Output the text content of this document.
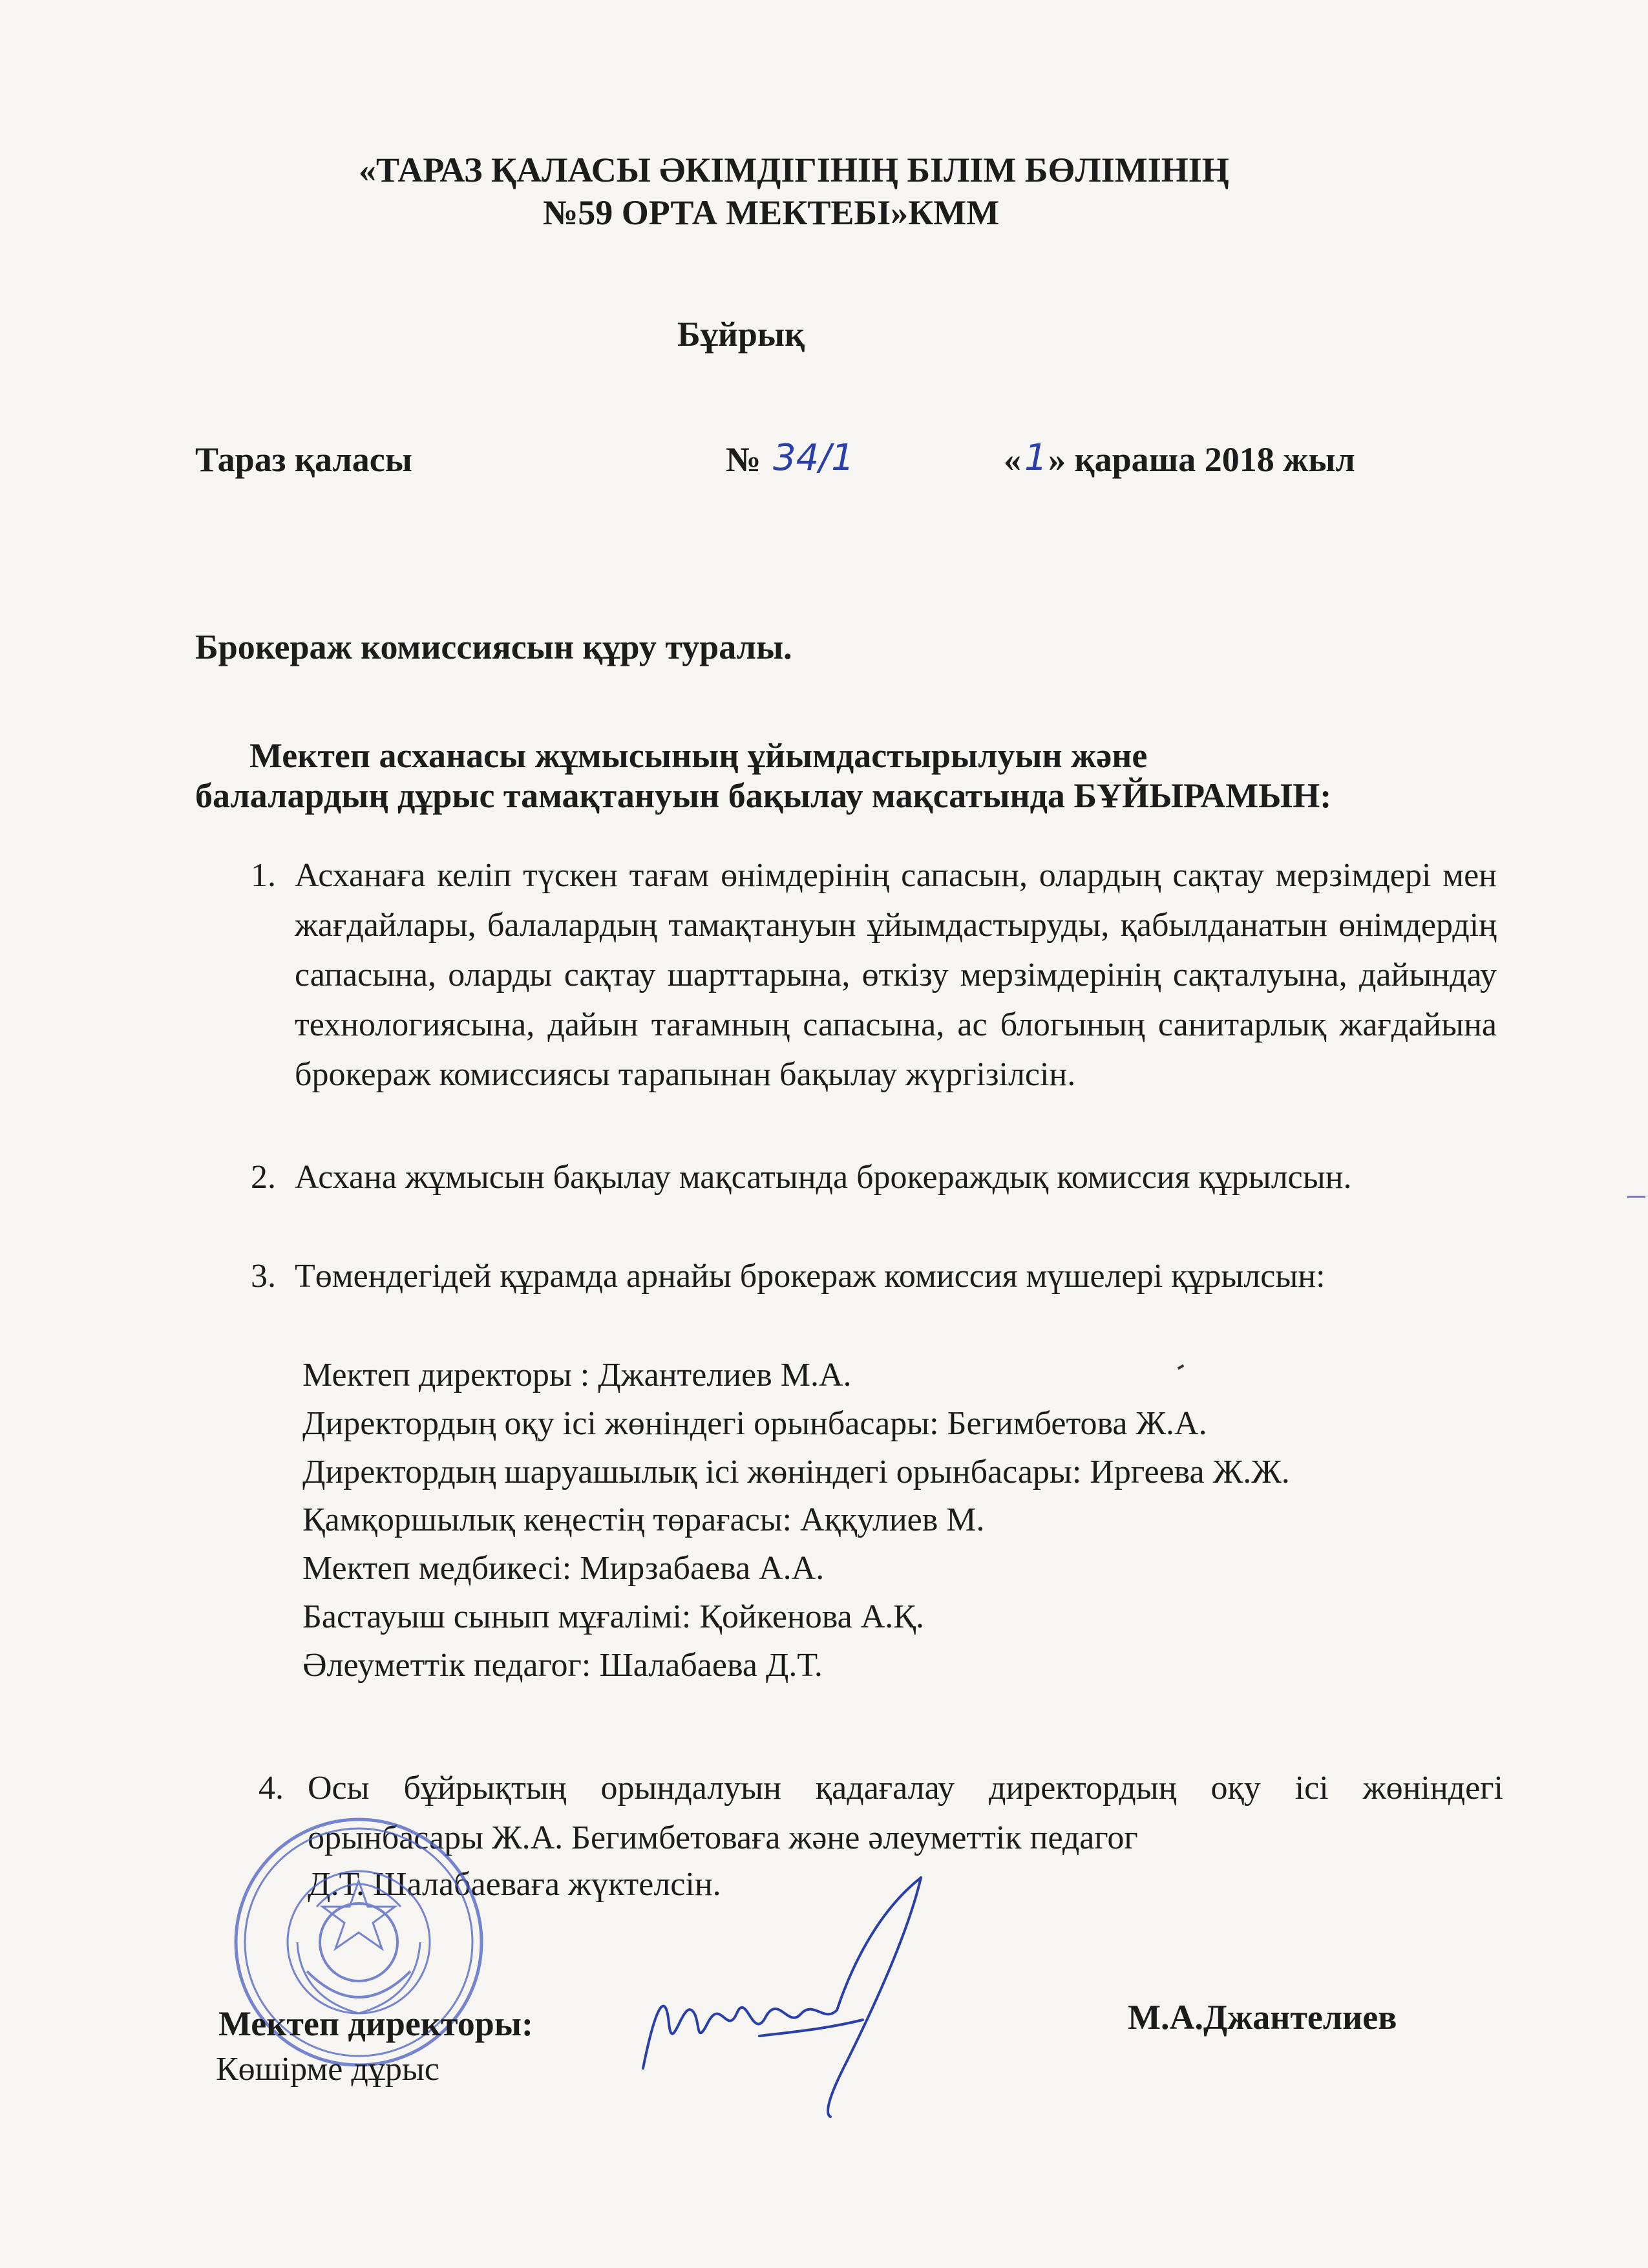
«ТАРАЗ ҚАЛАСЫ ӘКІМДІГІНІҢ БІЛІМ БӨЛІМІНІҢ
№59 ОРТА МЕКТЕБІ»КММ
Бұйрық
Тараз қаласы	№ 34/1	« 1 » қараша 2018 жыл
Брокераж комиссиясын құру туралы.
Мектеп асханасы жұмысының ұйымдастырылуын және
балалардың дұрыс тамақтануын бақылау мақсатында БҰЙЫРАМЫН:
1. Асханаға келіп түскен тағам өнімдерінің сапасын, олардың сақтау мерзімдері мен жағдайлары, балалардың тамақтануын ұйымдастыруды, қабылданатын өнімдердің сапасына, оларды сақтау шарттарына, өткізу мерзімдерінің сақталуына, дайындау технологиясына, дайын тағамның сапасына, ас блогының санитарлық жағдайына брокераж комиссиясы тарапынан бақылау жүргізілсін.
2. Асхана жұмысын бақылау мақсатында брокераждық комиссия құрылсын.
3. Төмендегідей құрамда арнайы брокераж комиссия мүшелері құрылсын:
Мектеп директоры : Джантелиев М.А.
Директордың оқу ісі жөніндегі орынбасары: Бегимбетова Ж.А.
Директордың шаруашылық ісі жөніндегі орынбасары: Иргеева Ж.Ж.
Қамқоршылық кеңестің төрағасы: Аққулиев М.
Мектеп медбикесі: Мирзабаева А.А.
Бастауыш сынып мұғалімі: Қойкенова А.Қ.
Әлеуметтік педагог: Шалабаева Д.Т.
4. Осы бұйрықтың орындалуын қадағалау директордың оқу ісі жөніндегі орынбасары Ж.А. Бегимбетоваға және әлеуметтік педагог
Д.Т. Шалабаеваға жүктелсін.
Мектеп директоры:	М.А.Джантелиев
Көшірме дұрыс
